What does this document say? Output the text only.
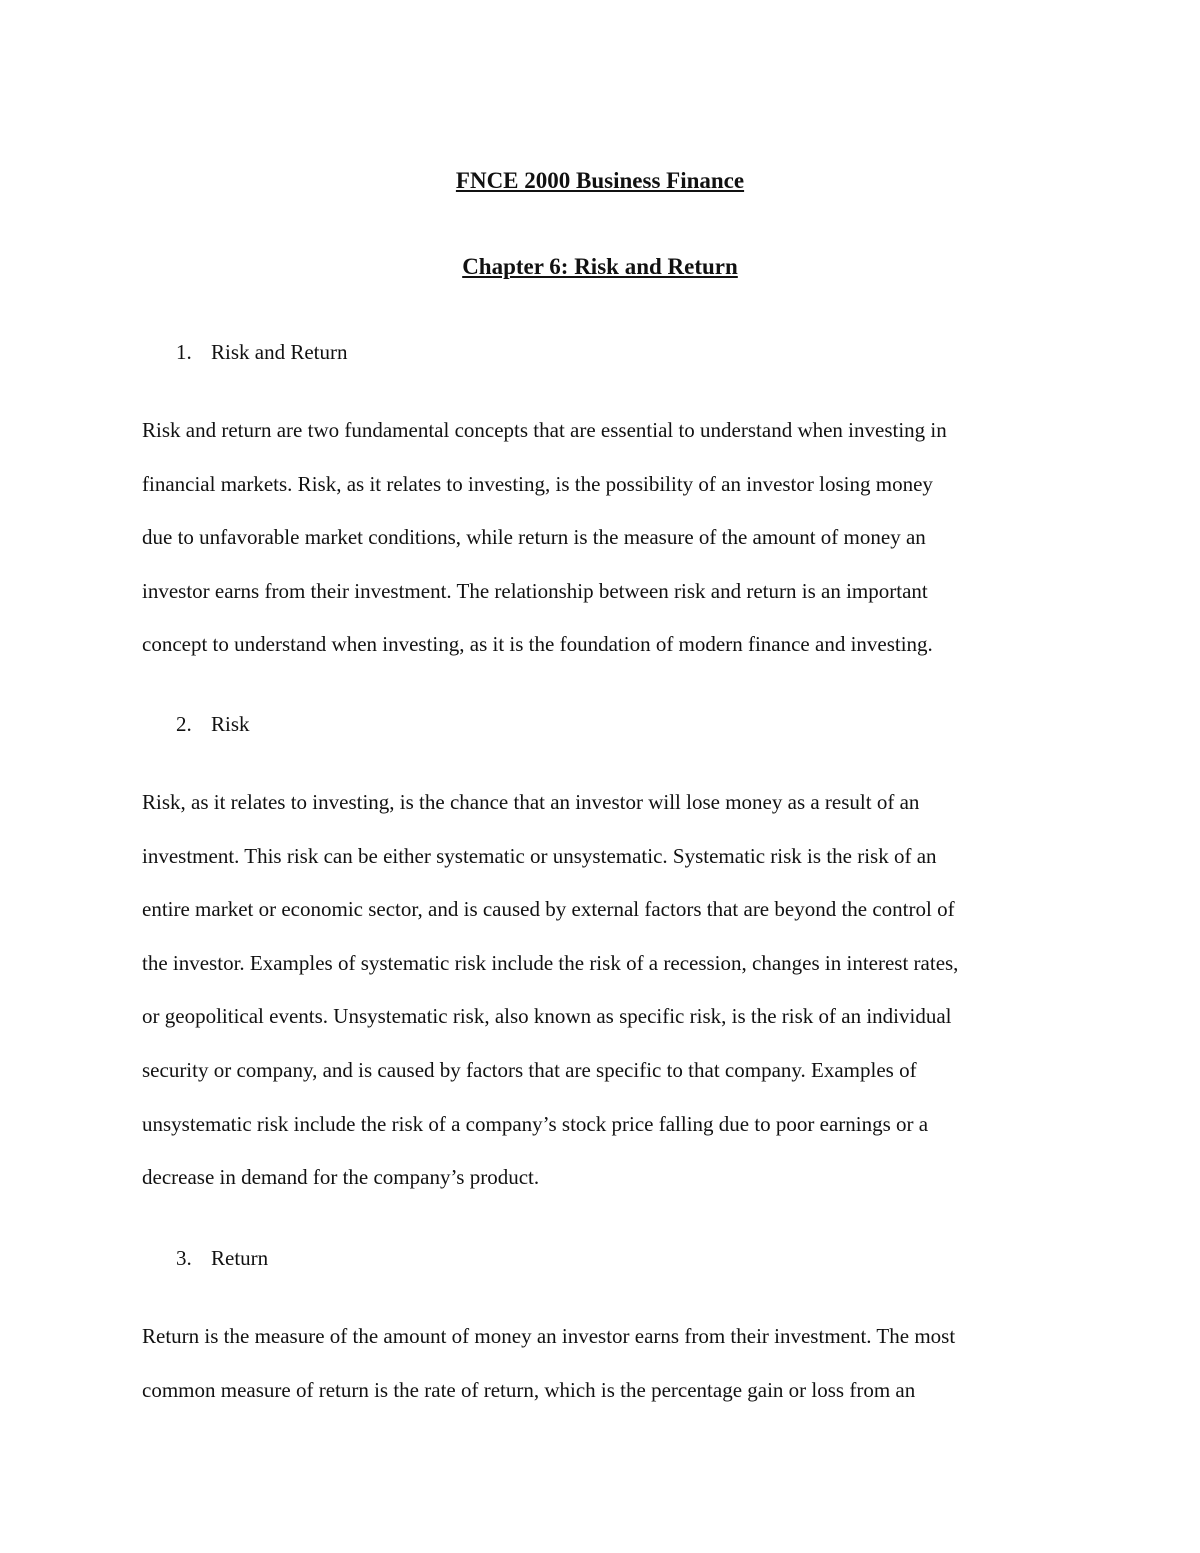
FNCE 2000 Business Finance
Chapter 6: Risk and Return
1. Risk and Return
Risk and return are two fundamental concepts that are essential to understand when investing in
financial markets. Risk, as it relates to investing, is the possibility of an investor losing money
due to unfavorable market conditions, while return is the measure of the amount of money an
investor earns from their investment. The relationship between risk and return is an important
concept to understand when investing, as it is the foundation of modern finance and investing.
2. Risk
Risk, as it relates to investing, is the chance that an investor will lose money as a result of an
investment. This risk can be either systematic or unsystematic. Systematic risk is the risk of an
entire market or economic sector, and is caused by external factors that are beyond the control of
the investor. Examples of systematic risk include the risk of a recession, changes in interest rates,
or geopolitical events. Unsystematic risk, also known as specific risk, is the risk of an individual
security or company, and is caused by factors that are specific to that company. Examples of
unsystematic risk include the risk of a company’s stock price falling due to poor earnings or a
decrease in demand for the company’s product.
3. Return
Return is the measure of the amount of money an investor earns from their investment. The most
common measure of return is the rate of return, which is the percentage gain or loss from an
